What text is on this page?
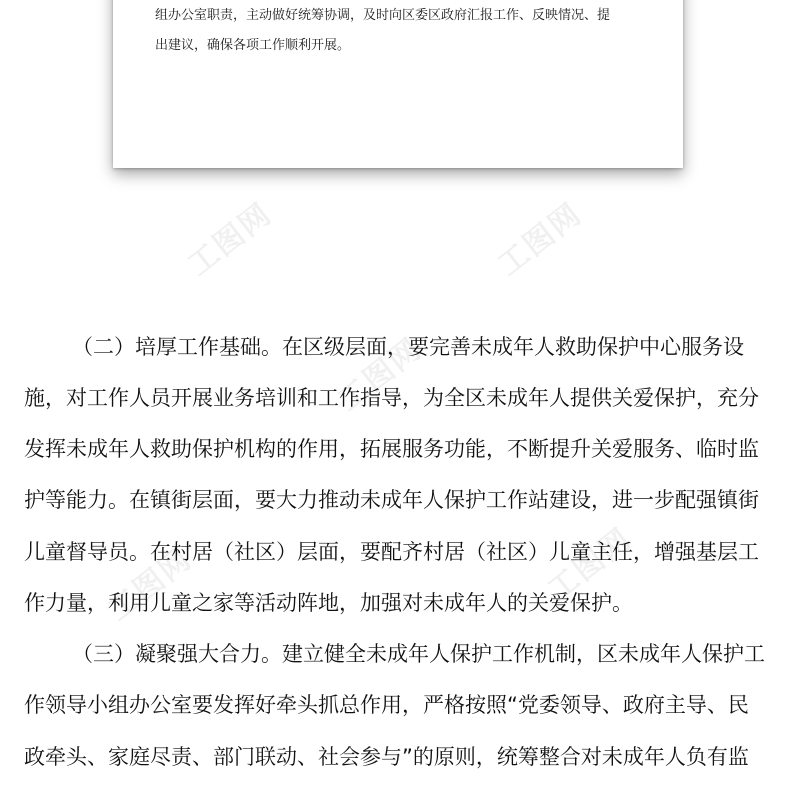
工图网	工图网
工图网
工图网	工图网
组办公室职责，主动做好统筹协调，及时向区委区政府汇报工作、反映情况、提
出建议，确保各项工作顺利开展。
（二）培厚工作基础。在区级层面，要完善未成年人救助保护中心服务设
施，对工作人员开展业务培训和工作指导，为全区未成年人提供关爱保护，充分
发挥未成年人救助保护机构的作用，拓展服务功能，不断提升关爱服务、临时监
护等能力。在镇街层面，要大力推动未成年人保护工作站建设，进一步配强镇街
儿童督导员。在村居（社区）层面，要配齐村居（社区）儿童主任，增强基层工
作力量，利用儿童之家等活动阵地，加强对未成年人的关爱保护。
（三）凝聚强大合力。建立健全未成年人保护工作机制，区未成年人保护工
作领导小组办公室要发挥好牵头抓总作用，严格按照“党委领导、政府主导、民
政牵头、家庭尽责、部门联动、社会参与”的原则，统筹整合对未成年人负有监
